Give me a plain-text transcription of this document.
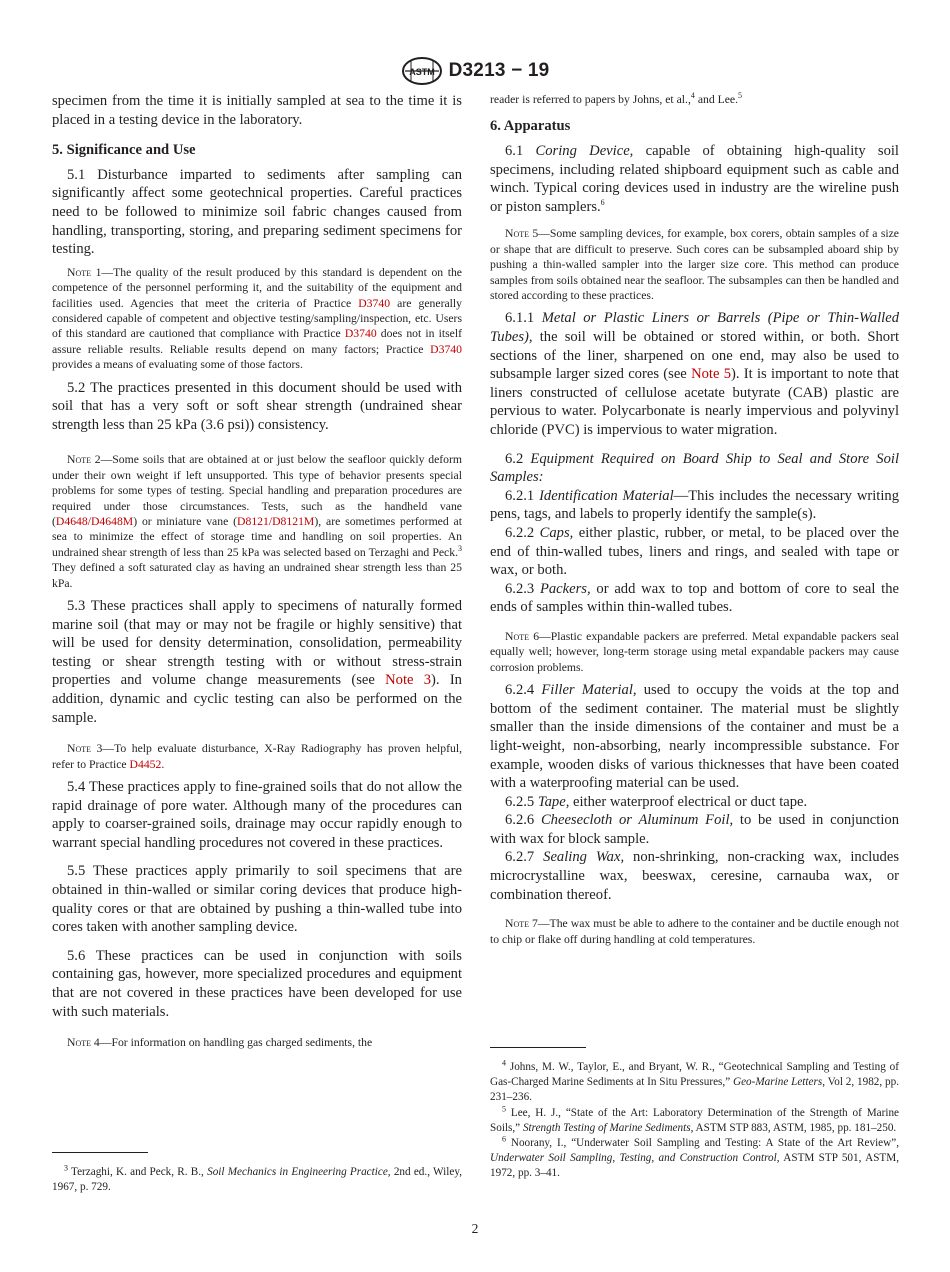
ASTM D3213 − 19

specimen from the time it is initially sampled at sea to the time it is placed in a testing device in the laboratory.

5. Significance and Use

5.1 Disturbance imparted to sediments after sampling can significantly affect some geotechnical properties. Careful practices need to be followed to minimize soil fabric changes caused from handling, transporting, storing, and preparing sediment specimens for testing.

Note 1—The quality of the result produced by this standard is dependent on the competence of the personnel performing it, and the suitability of the equipment and facilities used. Agencies that meet the criteria of Practice D3740 are generally considered capable of competent and objective testing/sampling/inspection, etc. Users of this standard are cautioned that compliance with Practice D3740 does not in itself assure reliable results. Reliable results depend on many factors; Practice D3740 provides a means of evaluating some of those factors.

5.2 The practices presented in this document should be used with soil that has a very soft or soft shear strength (undrained shear strength less than 25 kPa (3.6 psi)) consistency.

Note 2—Some soils that are obtained at or just below the seafloor quickly deform under their own weight if left unsupported. This type of behavior presents special problems for some types of testing. Special handling and preparation procedures are required under those circumstances. Tests, such as the handheld vane (D4648/D4648M) or miniature vane (D8121/D8121M), are sometimes performed at sea to minimize the effect of storage time and handling on soil properties. An undrained shear strength of less than 25 kPa was selected based on Terzaghi and Peck.$^3$ They defined a soft saturated clay as having an undrained shear strength less than 25 kPa.

5.3 These practices shall apply to specimens of naturally formed marine soil (that may or may not be fragile or highly sensitive) that will be used for density determination, consolidation, permeability testing or shear strength testing with or without stress-strain properties and volume change measurements (see Note 3). In addition, dynamic and cyclic testing can also be performed on the sample.

Note 3—To help evaluate disturbance, X-Ray Radiography has proven helpful, refer to Practice D4452.

5.4 These practices apply to fine-grained soils that do not allow the rapid drainage of pore water. Although many of the procedures can apply to coarser-grained soils, drainage may occur rapidly enough to warrant special handling procedures not covered in these practices.

5.5 These practices apply primarily to soil specimens that are obtained in thin-walled or similar coring devices that produce high-quality cores or that are obtained by pushing a thin-walled tube into cores taken with another sampling device.

5.6 These practices can be used in conjunction with soils containing gas, however, more specialized procedures and equipment that are not covered in these practices have been developed for use with such materials.

Note 4—For information on handling gas charged sediments, the

$^3$ Terzaghi, K. and Peck, R. B., Soil Mechanics in Engineering Practice, 2nd ed., Wiley, 1967, p. 729.

reader is referred to papers by Johns, et al.,$^4$ and Lee.$^5$

6. Apparatus

6.1 Coring Device, capable of obtaining high-quality soil specimens, including related shipboard equipment such as cable and winch. Typical coring devices used in industry are the wireline push or piston samplers.$^6$

Note 5—Some sampling devices, for example, box corers, obtain samples of a size or shape that are difficult to preserve. Such cores can be subsampled aboard ship by pushing a thin-walled sampler into the larger size core. This method can produce samples from soils obtained near the seafloor. The subsamples can then be handled and stored according to these practices.

6.1.1 Metal or Plastic Liners or Barrels (Pipe or Thin-Walled Tubes), the soil will be obtained or stored within, or both. Short sections of the liner, sharpened on one end, may also be used to subsample larger sized cores (see Note 5). It is important to note that liners constructed of cellulose acetate butyrate (CAB) plastic are pervious to water. Polycarbonate is nearly impervious and polyvinyl chloride (PVC) is impervious to water migration.

6.2 Equipment Required on Board Ship to Seal and Store Soil Samples:

6.2.1 Identification Material—This includes the necessary writing pens, tags, and labels to properly identify the sample(s).

6.2.2 Caps, either plastic, rubber, or metal, to be placed over the end of thin-walled tubes, liners and rings, and sealed with tape or wax, or both.

6.2.3 Packers, or add wax to top and bottom of core to seal the ends of samples within thin-walled tubes.

Note 6—Plastic expandable packers are preferred. Metal expandable packers seal equally well; however, long-term storage using metal expandable packers may cause corrosion problems.

6.2.4 Filler Material, used to occupy the voids at the top and bottom of the sediment container. The material must be slightly smaller than the inside dimensions of the container and must be a light-weight, non-absorbing, nearly incompressible substance. For example, wooden disks of various thicknesses that have been coated with a waterproofing material can be used.

6.2.5 Tape, either waterproof electrical or duct tape.

6.2.6 Cheesecloth or Aluminum Foil, to be used in conjunction with wax for block sample.

6.2.7 Sealing Wax, non-shrinking, non-cracking wax, includes microcrystalline wax, beeswax, ceresine, carnauba wax, or combination thereof.

Note 7—The wax must be able to adhere to the container and be ductile enough not to chip or flake off during handling at cold temperatures.

$^4$ Johns, M. W., Taylor, E., and Bryant, W. R., “Geotechnical Sampling and Testing of Gas-Charged Marine Sediments at In Situ Pressures,” Geo-Marine Letters, Vol 2, 1982, pp. 231–236.

$^5$ Lee, H. J., “State of the Art: Laboratory Determination of the Strength of Marine Soils,” Strength Testing of Marine Sediments, ASTM STP 883, ASTM, 1985, pp. 181–250.

$^6$ Noorany, I., “Underwater Soil Sampling and Testing: A State of the Art Review”, Underwater Soil Sampling, Testing, and Construction Control, ASTM STP 501, ASTM, 1972, pp. 3–41.

2
